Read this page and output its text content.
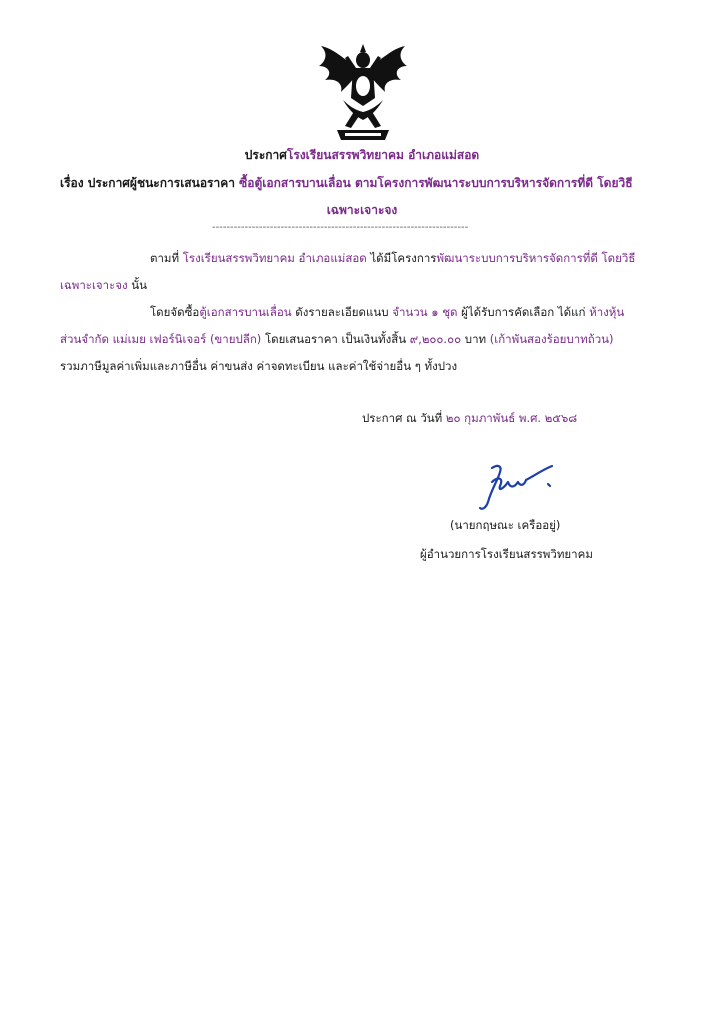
ประกาศโรงเรียนสรรพวิทยาคม อำเภอแม่สอด
เรื่อง ประกาศผู้ชนะการเสนอราคา ซื้อตู้เอกสารบานเลื่อน ตามโครงการพัฒนาระบบการบริหารจัดการที่ดี โดยวิธี
เฉพาะเจาะจง
-----------------------------------------------------------------------
ตามที่ โรงเรียนสรรพวิทยาคม อำเภอแม่สอด ได้มีโครงการพัฒนาระบบการบริหารจัดการที่ดี โดยวิธี
เฉพาะเจาะจง นั้น
โดยจัดซื้อตู้เอกสารบานเลื่อน ดังรายละเอียดแนบ จำนวน ๑ ชุด ผู้ได้รับการคัดเลือก ได้แก่ ห้างหุ้น
ส่วนจำกัด แม่เมย เฟอร์นิเจอร์ (ขายปลีก) โดยเสนอราคา เป็นเงินทั้งสิ้น ๙,๒๐๐.๐๐ บาท (เก้าพันสองร้อยบาทถ้วน)
รวมภาษีมูลค่าเพิ่มและภาษีอื่น ค่าขนส่ง ค่าจดทะเบียน และค่าใช้จ่ายอื่น ๆ ทั้งปวง
ประกาศ ณ วันที่ ๒๐ กุมภาพันธ์ พ.ศ. ๒๕๖๘
(นายกฤษณะ เครืออยู่)
ผู้อำนวยการโรงเรียนสรรพวิทยาคม
